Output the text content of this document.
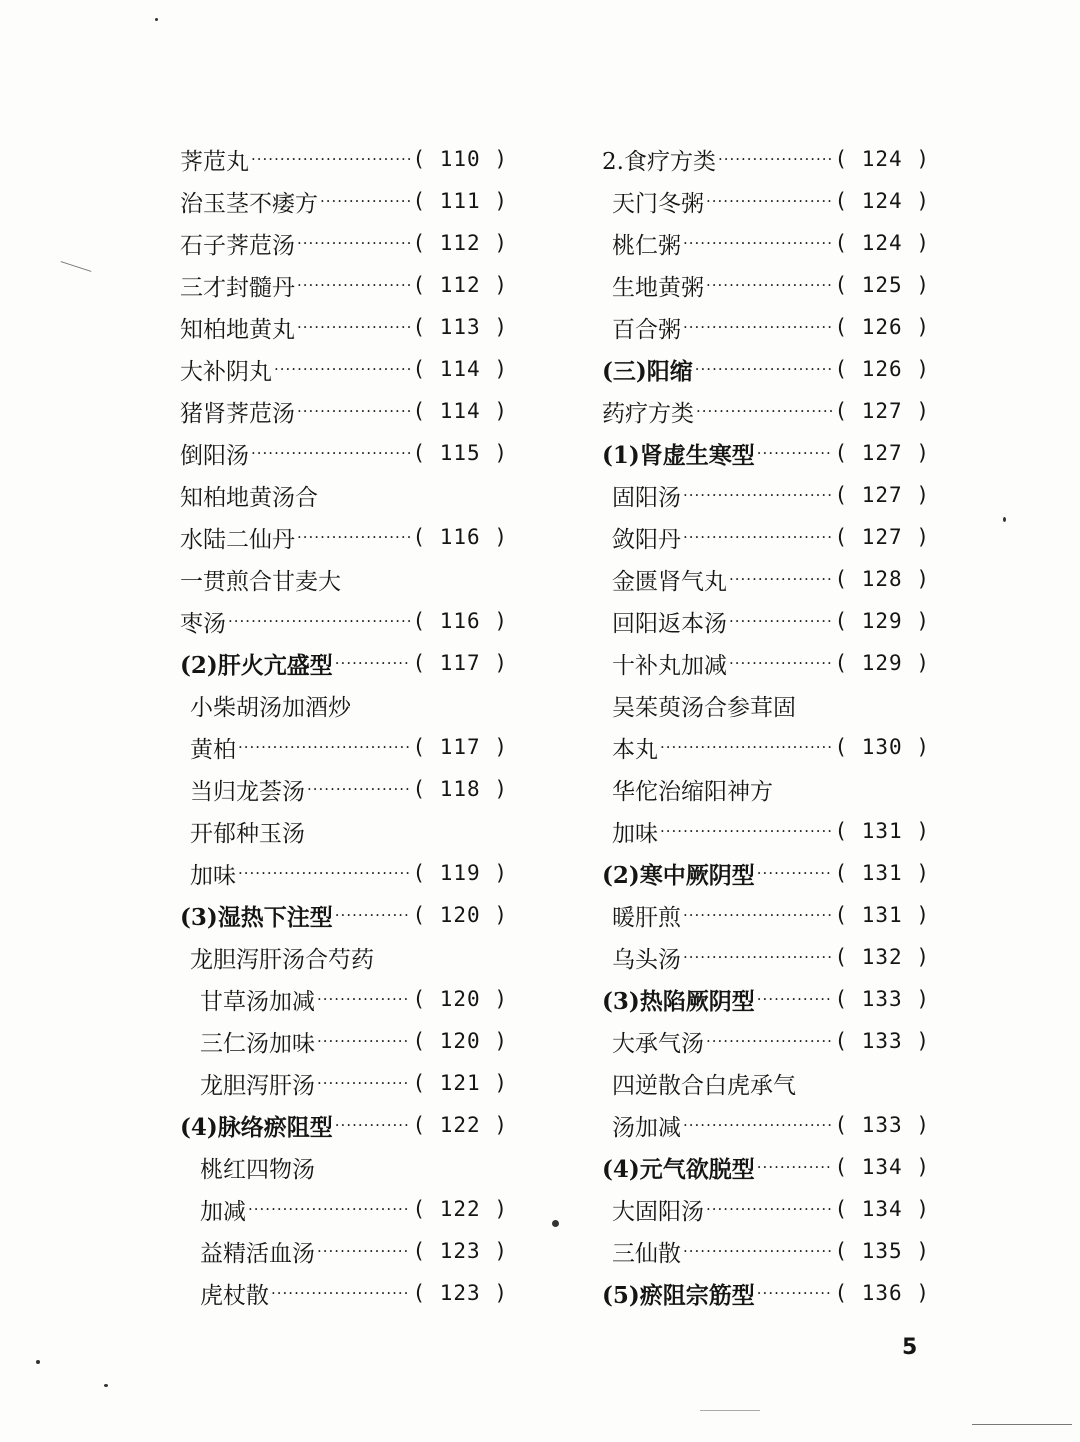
荠苊丸 ·····	( 110 )
治玉茎不痿方 ·····	( 111 )
石子荠苊汤 ·····	( 112 )
三才封髓丹 ·····	( 112 )
知柏地黄丸 ·····	( 113 )
大补阴丸 ·····	( 114 )
猪肾荠苊汤 ·····	( 114 )
倒阳汤 ·····	( 115 )
知柏地黄汤合
水陆二仙丹 ·····	( 116 )
一贯煎合甘麦大
枣汤 ·····	( 116 )
(2)肝火亢盛型 ·····	( 117 )
小柴胡汤加酒炒
黄柏 ·····	( 117 )
当归龙荟汤 ·····	( 118 )
开郁种玉汤
加味 ·····	( 119 )
(3)湿热下注型 ·····	( 120 )
龙胆泻肝汤合芍药
甘草汤加减 ·····	( 120 )
三仁汤加味 ·····	( 120 )
龙胆泻肝汤 ·····	( 121 )
(4)脉络瘀阻型 ·····	( 122 )
桃红四物汤
加减 ·····	( 122 )
益精活血汤 ·····	( 123 )
虎杖散 ·····	( 123 )
2.食疗方类 ·····	( 124 )
天门冬粥 ·····	( 124 )
桃仁粥 ·····	( 124 )
生地黄粥 ·····	( 125 )
百合粥 ·····	( 126 )
(三)阳缩 ·····	( 126 )
药疗方类 ·····	( 127 )
(1)肾虚生寒型 ·····	( 127 )
固阳汤 ·····	( 127 )
敛阳丹 ·····	( 127 )
金匮肾气丸 ·····	( 128 )
回阳返本汤 ·····	( 129 )
十补丸加减 ·····	( 129 )
吴茱萸汤合参茸固
本丸 ·····	( 130 )
华佗治缩阳神方
加味 ·····	( 131 )
(2)寒中厥阴型 ·····	( 131 )
暖肝煎 ·····	( 131 )
乌头汤 ·····	( 132 )
(3)热陷厥阴型 ·····	( 133 )
大承气汤 ·····	( 133 )
四逆散合白虎承气
汤加减 ·····	( 133 )
(4)元气欲脱型 ·····	( 134 )
大固阳汤 ·····	( 134 )
三仙散 ·····	( 135 )
(5)瘀阻宗筋型 ·····	( 136 )
5
